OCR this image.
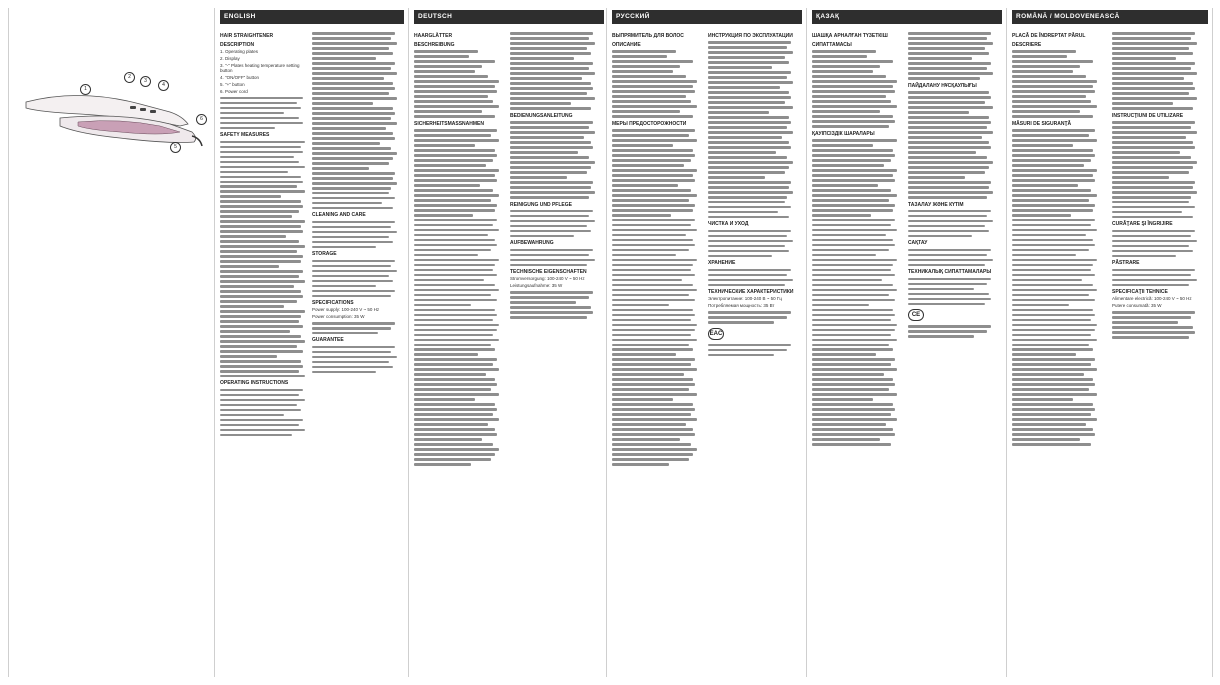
1
2
3
4
5
6
ENGLISH
HAIR STRAIGHTENER
DESCRIPTION
1. Operating plates
2. Display
3. "-" Plates heating temperature setting button
4. "ON/OFF" button
5. "+" button
6. Power cord
SAFETY MEASURES
OPERATING INSTRUCTIONS
CLEANING AND CARE
STORAGE
SPECIFICATIONS
Power supply: 100-240 V ~ 50 Hz
Power consumption: 35 W
GUARANTEE
DEUTSCH
HAARGLÄTTER
BESCHREIBUNG
SICHERHEITSMASSNAHMEN
BEDIENUNGSANLEITUNG
REINIGUNG UND PFLEGE
AUFBEWAHRUNG
TECHNISCHE EIGENSCHAFTEN
Stromversorgung: 100-240 V ~ 50 Hz
Leistungsaufnahme: 35 W
РУССКИЙ
ВЫПРЯМИТЕЛЬ ДЛЯ ВОЛОС
ОПИСАНИЕ
МЕРЫ ПРЕДОСТОРОЖНОСТИ
ИНСТРУКЦИЯ ПО ЭКСПЛУАТАЦИИ
ЧИСТКА И УХОД
ХРАНЕНИЕ
ТЕХНИЧЕСКИЕ ХАРАКТЕРИСТИКИ
Электропитание: 100-240 В ~ 50 Гц
Потребляемая мощность: 35 Вт
EAC
ҚАЗАҚ
ШАШҚА АРНАЛҒАН ТҮЗЕТКІШ
СИПАТТАМАСЫ
ҚАУІПСІЗДІК ШАРАЛАРЫ
ПАЙДАЛАНУ НҰСҚАУЛЫҒЫ
ТАЗАЛАУ ЖӘНЕ КҮТІМ
САҚТАУ
ТЕХНИКАЛЫҚ СИПАТТАМАЛАРЫ
CE
ROMÂNĂ / MOLDOVENEASCĂ
PLACĂ DE ÎNDREPTAT PĂRUL
DESCRIERE
MĂSURI DE SIGURANŢĂ
INSTRUCŢIUNI DE UTILIZARE
CURĂŢARE ŞI ÎNGRIJIRE
PĂSTRARE
SPECIFICAŢII TEHNICE
Alimentare electrică: 100-240 V ~ 50 Hz
Putere consumată: 35 W
